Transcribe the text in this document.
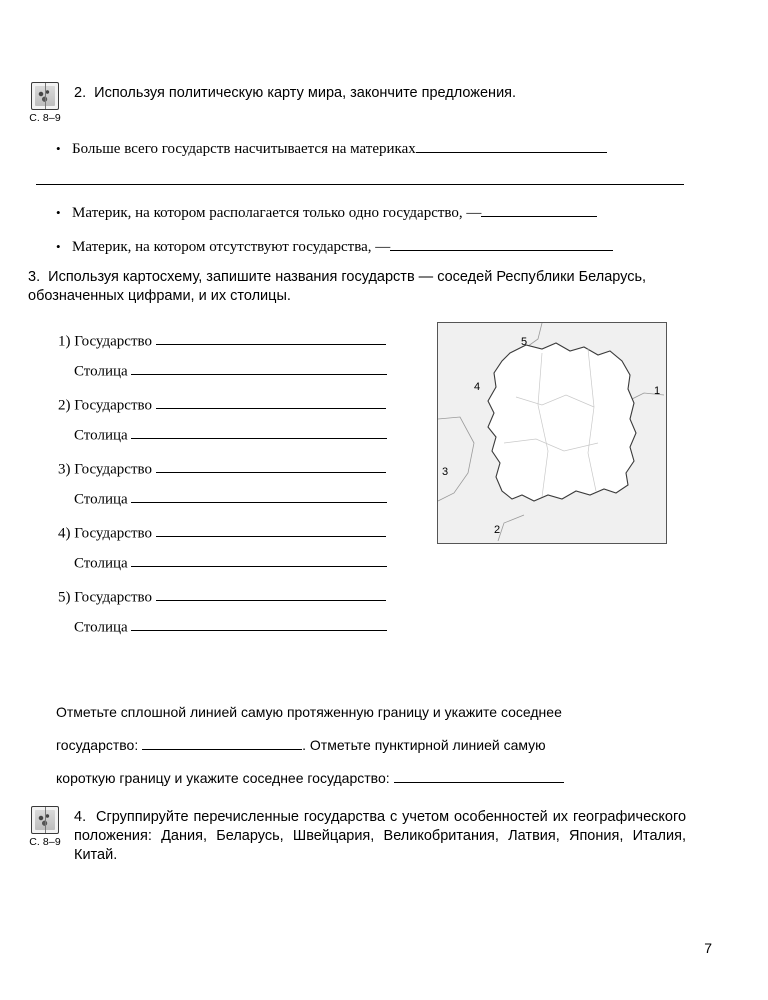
С. 8–9
2. Используя политическую карту мира, закончите предложения.
• Больше всего государств насчитывается на материках
• Материк, на котором располагается только одно государство, —
• Материк, на котором отсутствуют государства, —
3. Используя картосхему, запишите названия государств — соседей Республики Беларусь, обозначенных цифрами, и их столицы.
1) Государство
Столица
2) Государство
Столица
3) Государство
Столица
4) Государство
Столица
5) Государство
Столица
5
1
4
3
2
Отметьте сплошной линией самую протяженную границу и укажите соседнее
государство:	. Отметьте пунктирной линией самую
короткую границу и укажите соседнее государство:
С. 8–9
4. Сгруппируйте перечисленные государства с учетом особенностей их географического положения: Дания, Беларусь, Швейцария, Великобритания, Латвия, Япония, Италия, Китай.
7
